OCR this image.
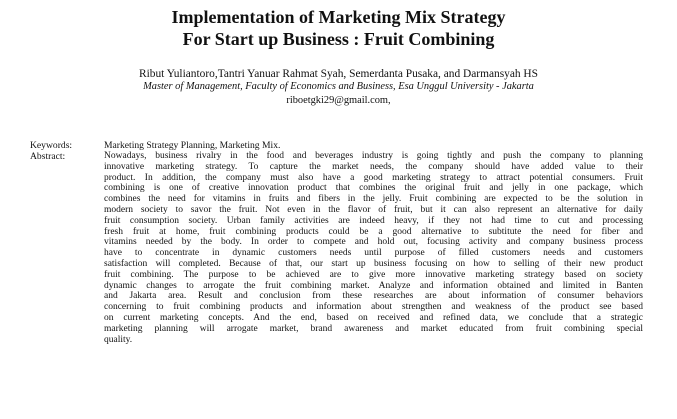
Implementation of Marketing Mix Strategy
For Start up Business : Fruit Combining
Ribut Yuliantoro,Tantri Yanuar Rahmat Syah, Semerdanta Pusaka, and Darmansyah HS
Master of Management, Faculty of Economics and Business, Esa Unggul University - Jakarta
riboetgki29@gmail.com,
Keywords:	Marketing Strategy Planning, Marketing Mix.
Abstract:	Nowadays, business rivalry in the food and beverages industry is going tightly and push the company to planning
innovative marketing strategy. To capture the market needs, the company should have added value to their
product. In addition, the company must also have a good marketing strategy to attract potential consumers. Fruit
combining is one of creative innovation product that combines the original fruit and jelly in one package, which
combines the need for vitamins in fruits and fibers in the jelly. Fruit combining are expected to be the solution in
modern society to savor the fruit. Not even in the flavor of fruit, but it can also represent an alternative for daily
fruit consumption society. Urban family activities are indeed heavy, if they not had time to cut and processing
fresh fruit at home, fruit combining products could be a good alternative to subtitute the need for fiber and
vitamins needed by the body. In order to compete and hold out, focusing activity and company business process
have to concentrate in dynamic customers needs until purpose of filled customers needs and customers
satisfaction will completed. Because of that, our start up business focusing on how to selling of their new product
fruit combining. The purpose to be achieved are to give more innovative marketing strategy based on society
dynamic changes to arrogate the fruit combining market. Analyze and information obtained and limited in Banten
and Jakarta area. Result and conclusion from these researches are about information of consumer behaviors
concerning to fruit combining products and information about strengthen and weakness of the product see based
on current marketing concepts. And the end, based on received and refined data, we conclude that a strategic
marketing planning will arrogate market, brand awareness and market educated from fruit combining special
quality.
